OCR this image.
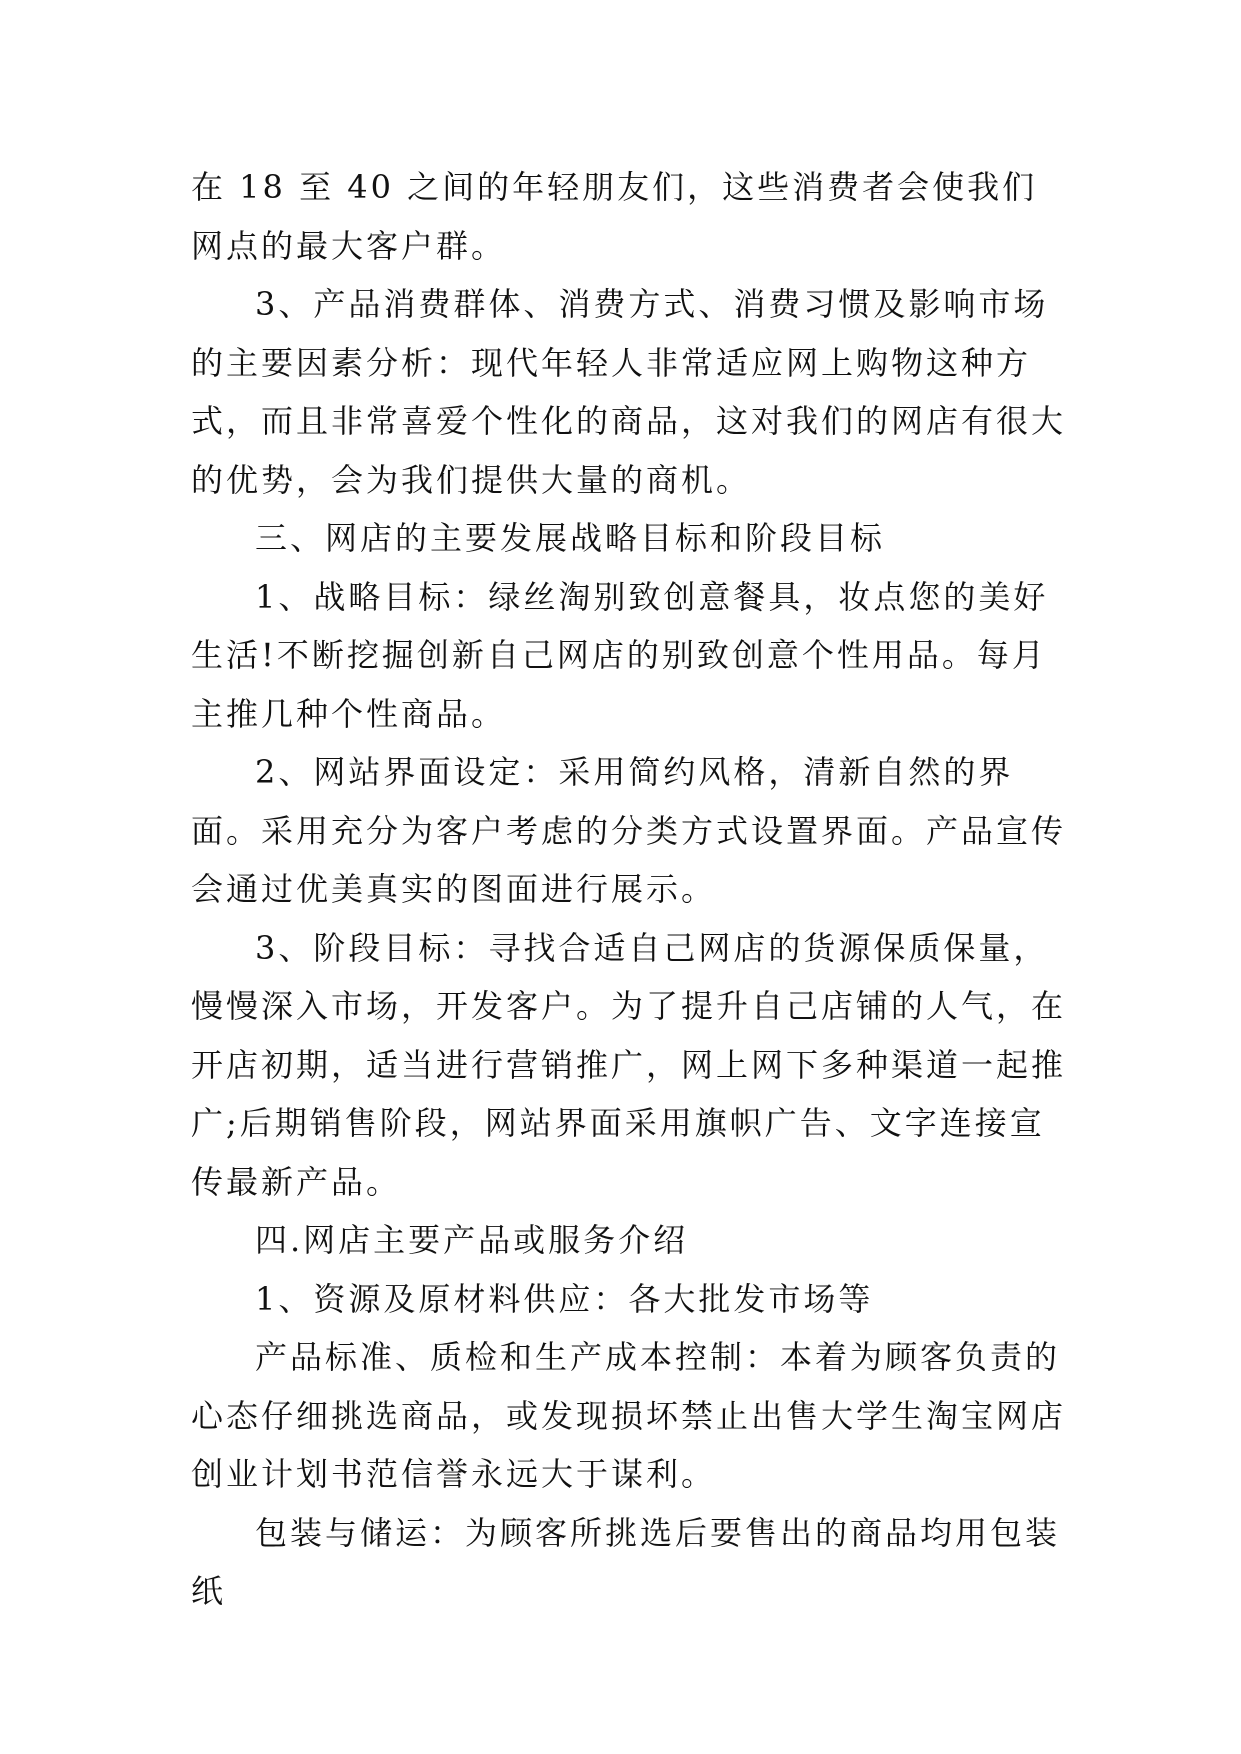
在 18 至 40 之间的年轻朋友们，这些消费者会使我们网点的最大客户群。

3、产品消费群体、消费方式、消费习惯及影响市场的主要因素分析：现代年轻人非常适应网上购物这种方式，而且非常喜爱个性化的商品，这对我们的网店有很大的优势，会为我们提供大量的商机。

三、网店的主要发展战略目标和阶段目标

1、战略目标：绿丝淘别致创意餐具，妆点您的美好生活!不断挖掘创新自己网店的别致创意个性用品。每月主推几种个性商品。

2、网站界面设定：采用简约风格，清新自然的界面。采用充分为客户考虑的分类方式设置界面。产品宣传会通过优美真实的图面进行展示。

3、阶段目标：寻找合适自己网店的货源保质保量，慢慢深入市场，开发客户。为了提升自己店铺的人气，在开店初期，适当进行营销推广，网上网下多种渠道一起推广;后期销售阶段，网站界面采用旗帜广告、文字连接宣传最新产品。

四.网店主要产品或服务介绍

1、资源及原材料供应：各大批发市场等

产品标准、质检和生产成本控制：本着为顾客负责的心态仔细挑选商品，或发现损坏禁止出售大学生淘宝网店创业计划书范信誉永远大于谋利。

包装与储运：为顾客所挑选后要售出的商品均用包装纸
